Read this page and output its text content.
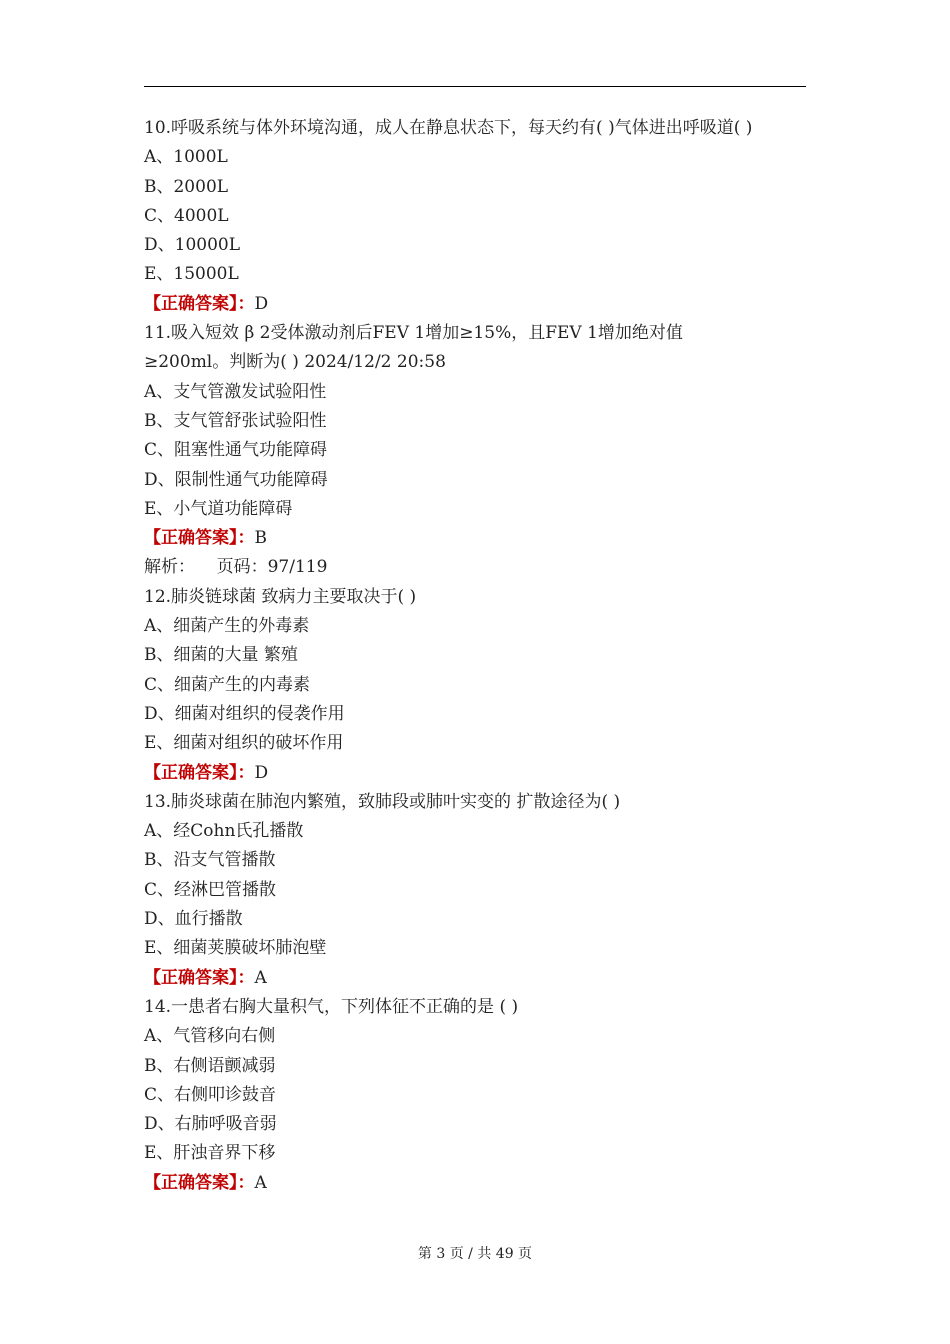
10.呼吸系统与体外环境沟通，成人在静息状态下，每天约有( )气体进出呼吸道( )
A、1000L
B、2000L
C、4000L
D、10000L
E、15000L
【正确答案】：D
11.吸入短效 β 2受体激动剂后FEV 1增加≥15%，且FEV 1增加绝对值
≥200ml。判断为( ) 2024/12/2 20:58
A、支气管激发试验阳性
B、支气管舒张试验阳性
C、阻塞性通气功能障碍
D、限制性通气功能障碍
E、小气道功能障碍
【正确答案】：B
解析：    页码：97/119
12.肺炎链球菌 致病力主要取决于( )
A、细菌产生的外毒素
B、细菌的大量 繁殖
C、细菌产生的内毒素
D、细菌对组织的侵袭作用
E、细菌对组织的破坏作用
【正确答案】：D
13.肺炎球菌在肺泡内繁殖，致肺段或肺叶实变的 扩散途径为( )
A、经Cohn氏孔播散
B、沿支气管播散
C、经淋巴管播散
D、血行播散
E、细菌荚膜破坏肺泡壁
【正确答案】：A
14.一患者右胸大量积气，下列体征不正确的是 ( )
A、气管移向右侧
B、右侧语颤减弱
C、右侧叩诊鼓音
D、右肺呼吸音弱
E、肝浊音界下移
【正确答案】：A
第 3 页 / 共 49 页
